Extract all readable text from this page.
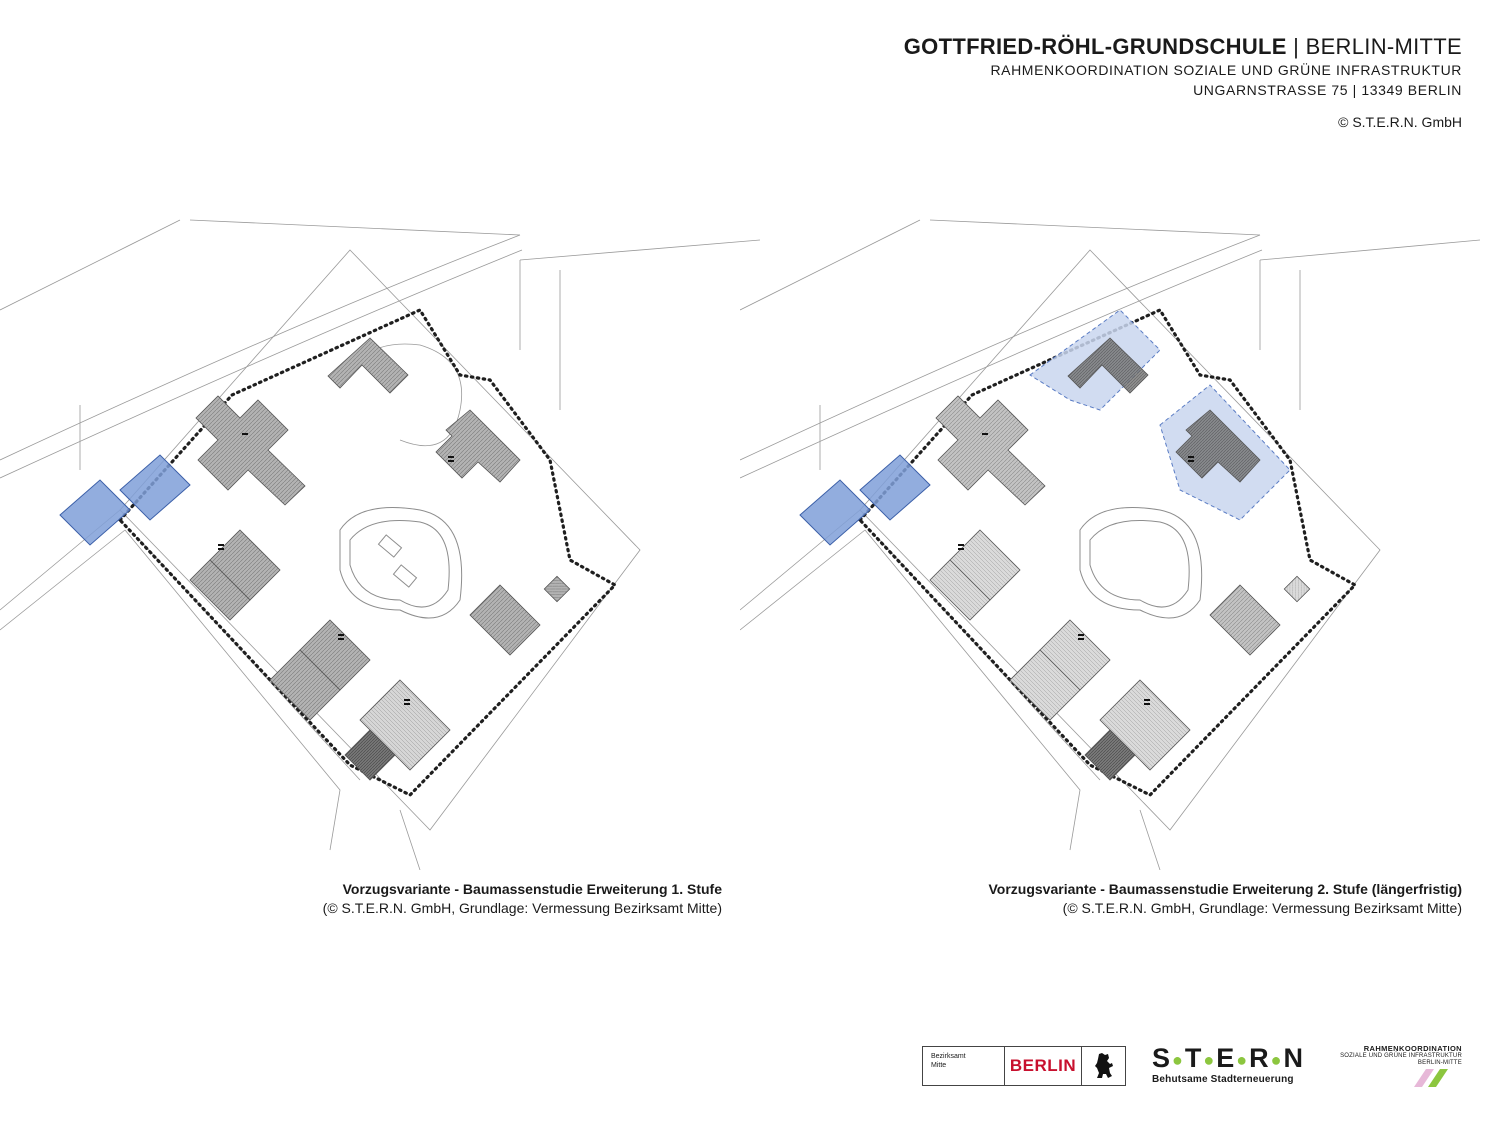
GOTTFRIED-RÖHL-GRUNDSCHULE | BERLIN-MITTE
RAHMENKOORDINATION SOZIALE UND GRÜNE INFRASTRUKTUR
UNGARNSTRASSE 75 | 13349 BERLIN
© S.T.E.R.N. GmbH
Vorzugsvariante - Baumassenstudie Erweiterung 1. Stufe
(© S.T.E.R.N. GmbH, Grundlage: Vermessung Bezirksamt Mitte)
Vorzugsvariante - Baumassenstudie Erweiterung 2. Stufe (längerfristig)
(© S.T.E.R.N. GmbH, Grundlage: Vermessung Bezirksamt Mitte)
Bezirksamt
Mitte	BERLIN	S●T●E●R●N
Behutsame Stadterneuerung
RAHMENKOORDINATION
SOZIALE UND GRÜNE INFRASTRUKTUR
BERLIN-MITTE
